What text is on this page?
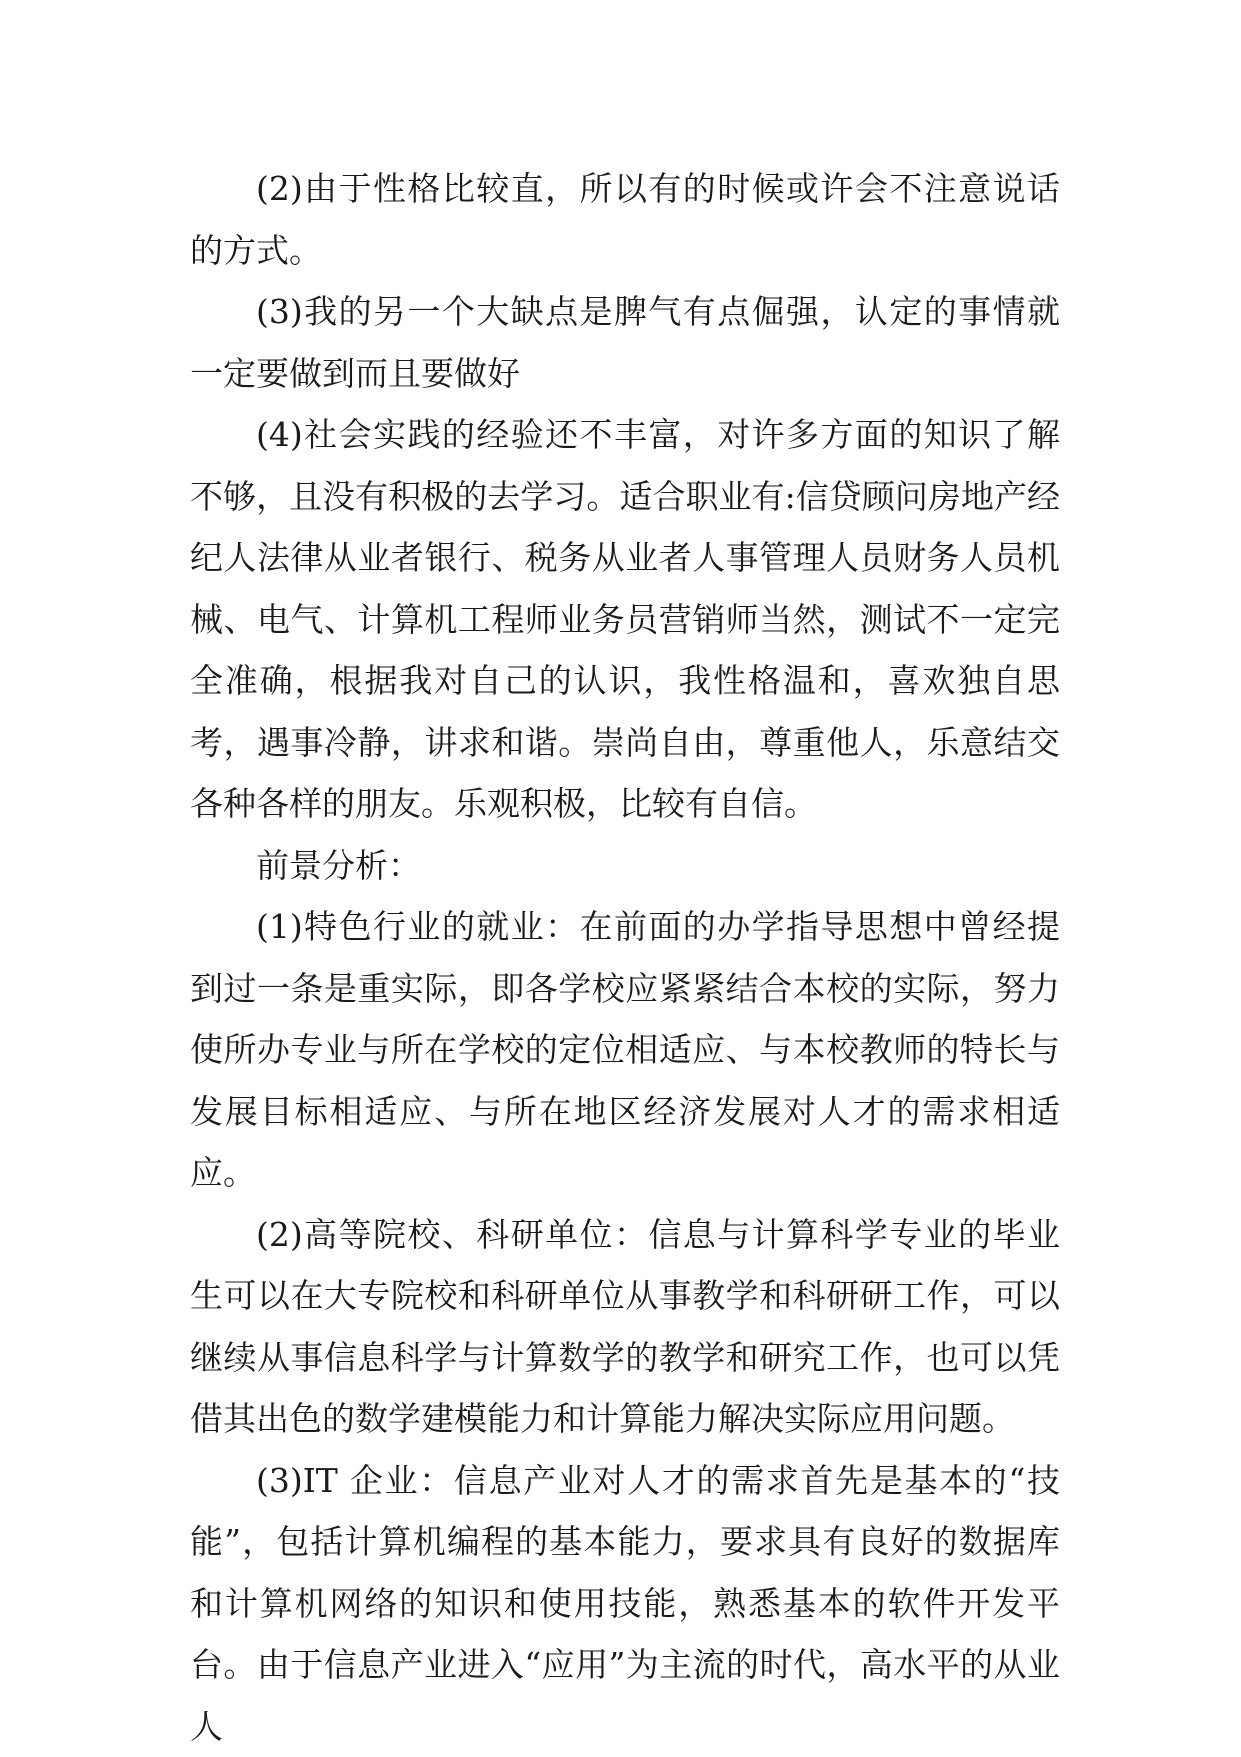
(2)由于性格比较直，所以有的时候或许会不注意说话的方式。

(3)我的另一个大缺点是脾气有点倔强，认定的事情就一定要做到而且要做好

(4)社会实践的经验还不丰富，对许多方面的知识了解不够，且没有积极的去学习。适合职业有:信贷顾问房地产经纪人法律从业者银行、税务从业者人事管理人员财务人员机械、电气、计算机工程师业务员营销师当然，测试不一定完全准确，根据我对自己的认识，我性格温和，喜欢独自思考，遇事冷静，讲求和谐。崇尚自由，尊重他人，乐意结交各种各样的朋友。乐观积极，比较有自信。

前景分析：

(1)特色行业的就业：在前面的办学指导思想中曾经提到过一条是重实际，即各学校应紧紧结合本校的实际，努力使所办专业与所在学校的定位相适应、与本校教师的特长与发展目标相适应、与所在地区经济发展对人才的需求相适应。

(2)高等院校、科研单位：信息与计算科学专业的毕业生可以在大专院校和科研单位从事教学和科研研工作，可以继续从事信息科学与计算数学的教学和研究工作，也可以凭借其出色的数学建模能力和计算能力解决实际应用问题。

(3)IT 企业：信息产业对人才的需求首先是基本的“技能”，包括计算机编程的基本能力，要求具有良好的数据库和计算机网络的知识和使用技能，熟悉基本的软件开发平台。由于信息产业进入“应用”为主流的时代，高水平的从业人
